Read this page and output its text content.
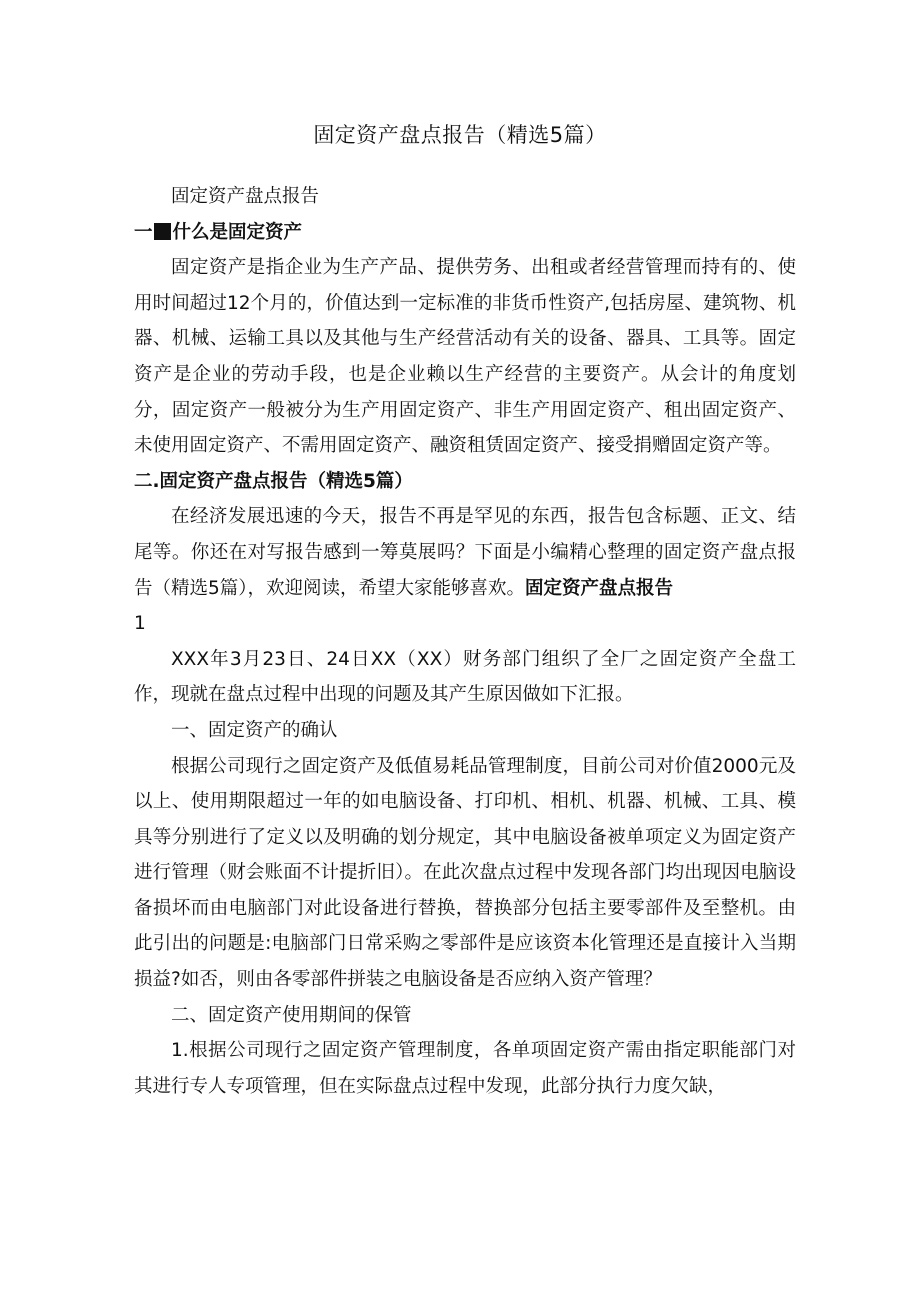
固定资产盘点报告（精选5篇）

固定资产盘点报告

一 什么是固定资产

固定资产是指企业为生产产品、提供劳务、出租或者经营管理而持有的、使用时间超过12个月的，价值达到一定标准的非货币性资产,包括房屋、建筑物、机器、机械、运输工具以及其他与生产经营活动有关的设备、器具、工具等。固定资产是企业的劳动手段，也是企业赖以生产经营的主要资产。从会计的角度划分，固定资产一般被分为生产用固定资产、非生产用固定资产、租出固定资产、未使用固定资产、不需用固定资产、融资租赁固定资产、接受捐赠固定资产等。

二.固定资产盘点报告（精选5篇）

在经济发展迅速的今天，报告不再是罕见的东西，报告包含标题、正文、结尾等。你还在对写报告感到一筹莫展吗？下面是小编精心整理的固定资产盘点报告（精选5篇），欢迎阅读，希望大家能够喜欢。固定资产盘点报告
1

XXX年3月23日、24日XX（XX）财务部门组织了全厂之固定资产全盘工作，现就在盘点过程中出现的问题及其产生原因做如下汇报。

一、固定资产的确认

根据公司现行之固定资产及低值易耗品管理制度，目前公司对价值2000元及以上、使用期限超过一年的如电脑设备、打印机、相机、机器、机械、工具、模具等分别进行了定义以及明确的划分规定，其中电脑设备被单项定义为固定资产进行管理（财会账面不计提折旧）。在此次盘点过程中发现各部门均出现因电脑设备损坏而由电脑部门对此设备进行替换，替换部分包括主要零部件及至整机。由此引出的问题是:电脑部门日常采购之零部件是应该资本化管理还是直接计入当期损益?如否，则由各零部件拼装之电脑设备是否应纳入资产管理？

二、固定资产使用期间的保管

1.根据公司现行之固定资产管理制度，各单项固定资产需由指定职能部门对其进行专人专项管理，但在实际盘点过程中发现，此部分执行力度欠缺，
